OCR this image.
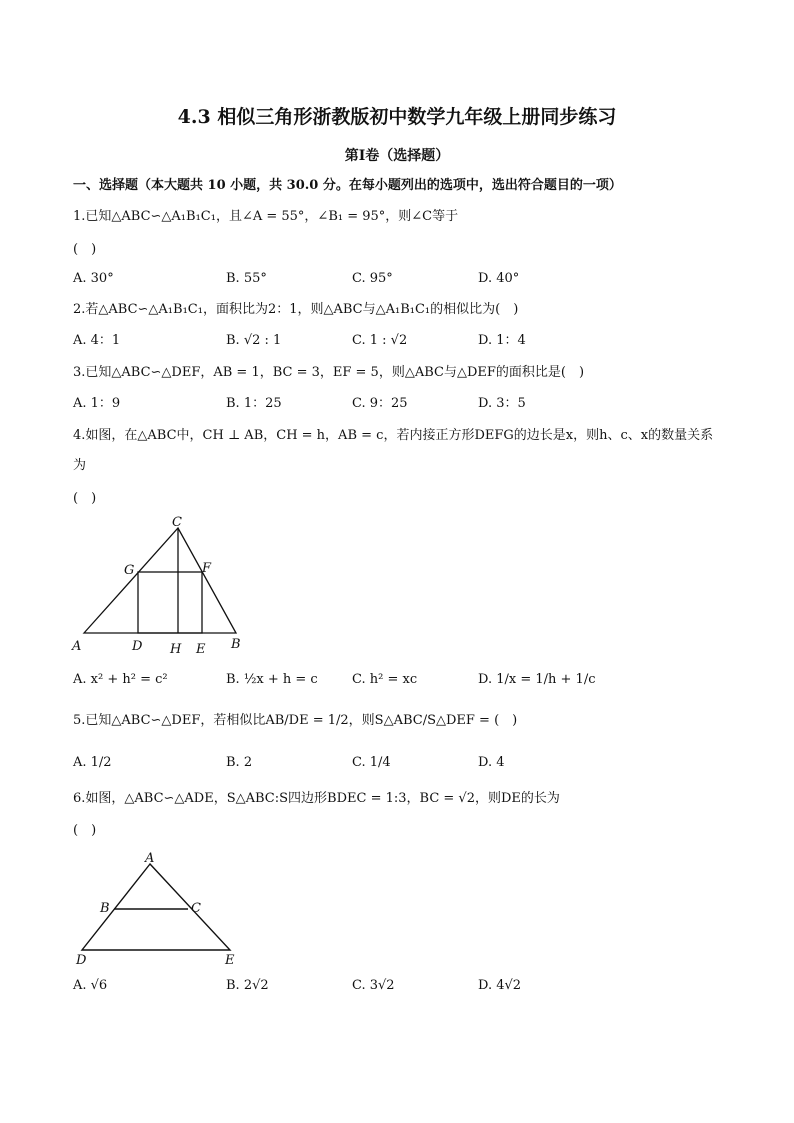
4.3 相似三角形浙教版初中数学九年级上册同步练习
第Ⅰ卷（选择题）
一、选择题（本大题共 10 小题，共 30.0 分。在每小题列出的选项中，选出符合题目的一项）
1.已知△ABC∽△A₁B₁C₁，且∠A = 55°，∠B₁ = 95°，则∠C等于
(　)
A. 30°	B. 55°	C. 95°	D. 40°
2.若△ABC∽△A₁B₁C₁，面积比为2：1，则△ABC与△A₁B₁C₁的相似比为(　)
A. 4：1	B. √2 : 1	C. 1 : √2	D. 1：4
3.已知△ABC∽△DEF，AB = 1，BC = 3，EF = 5，则△ABC与△DEF的面积比是(　)
A. 1：9	B. 1：25	C. 9：25	D. 3：5
4.如图，在△ABC中，CH ⊥ AB，CH = h，AB = c，若内接正方形DEFG的边长是x，则h、c、x的数量关系
为
(　)
C
G	F
A	D H E B
A. x² + h² = c²	B. ½x + h = c	C. h² = xc	D. 1/x = 1/h + 1/c
5.已知△ABC∽△DEF，若相似比AB/DE = 1/2，则S△ABC/S△DEF = (　)
A. 1/2	B. 2	C. 1/4	D. 4
6.如图，△ABC∽△ADE，S△ABC:S四边形BDEC = 1:3，BC = √2，则DE的长为
(　)
A
B	C
D	E
A. √6	B. 2√2	C. 3√2	D. 4√2
